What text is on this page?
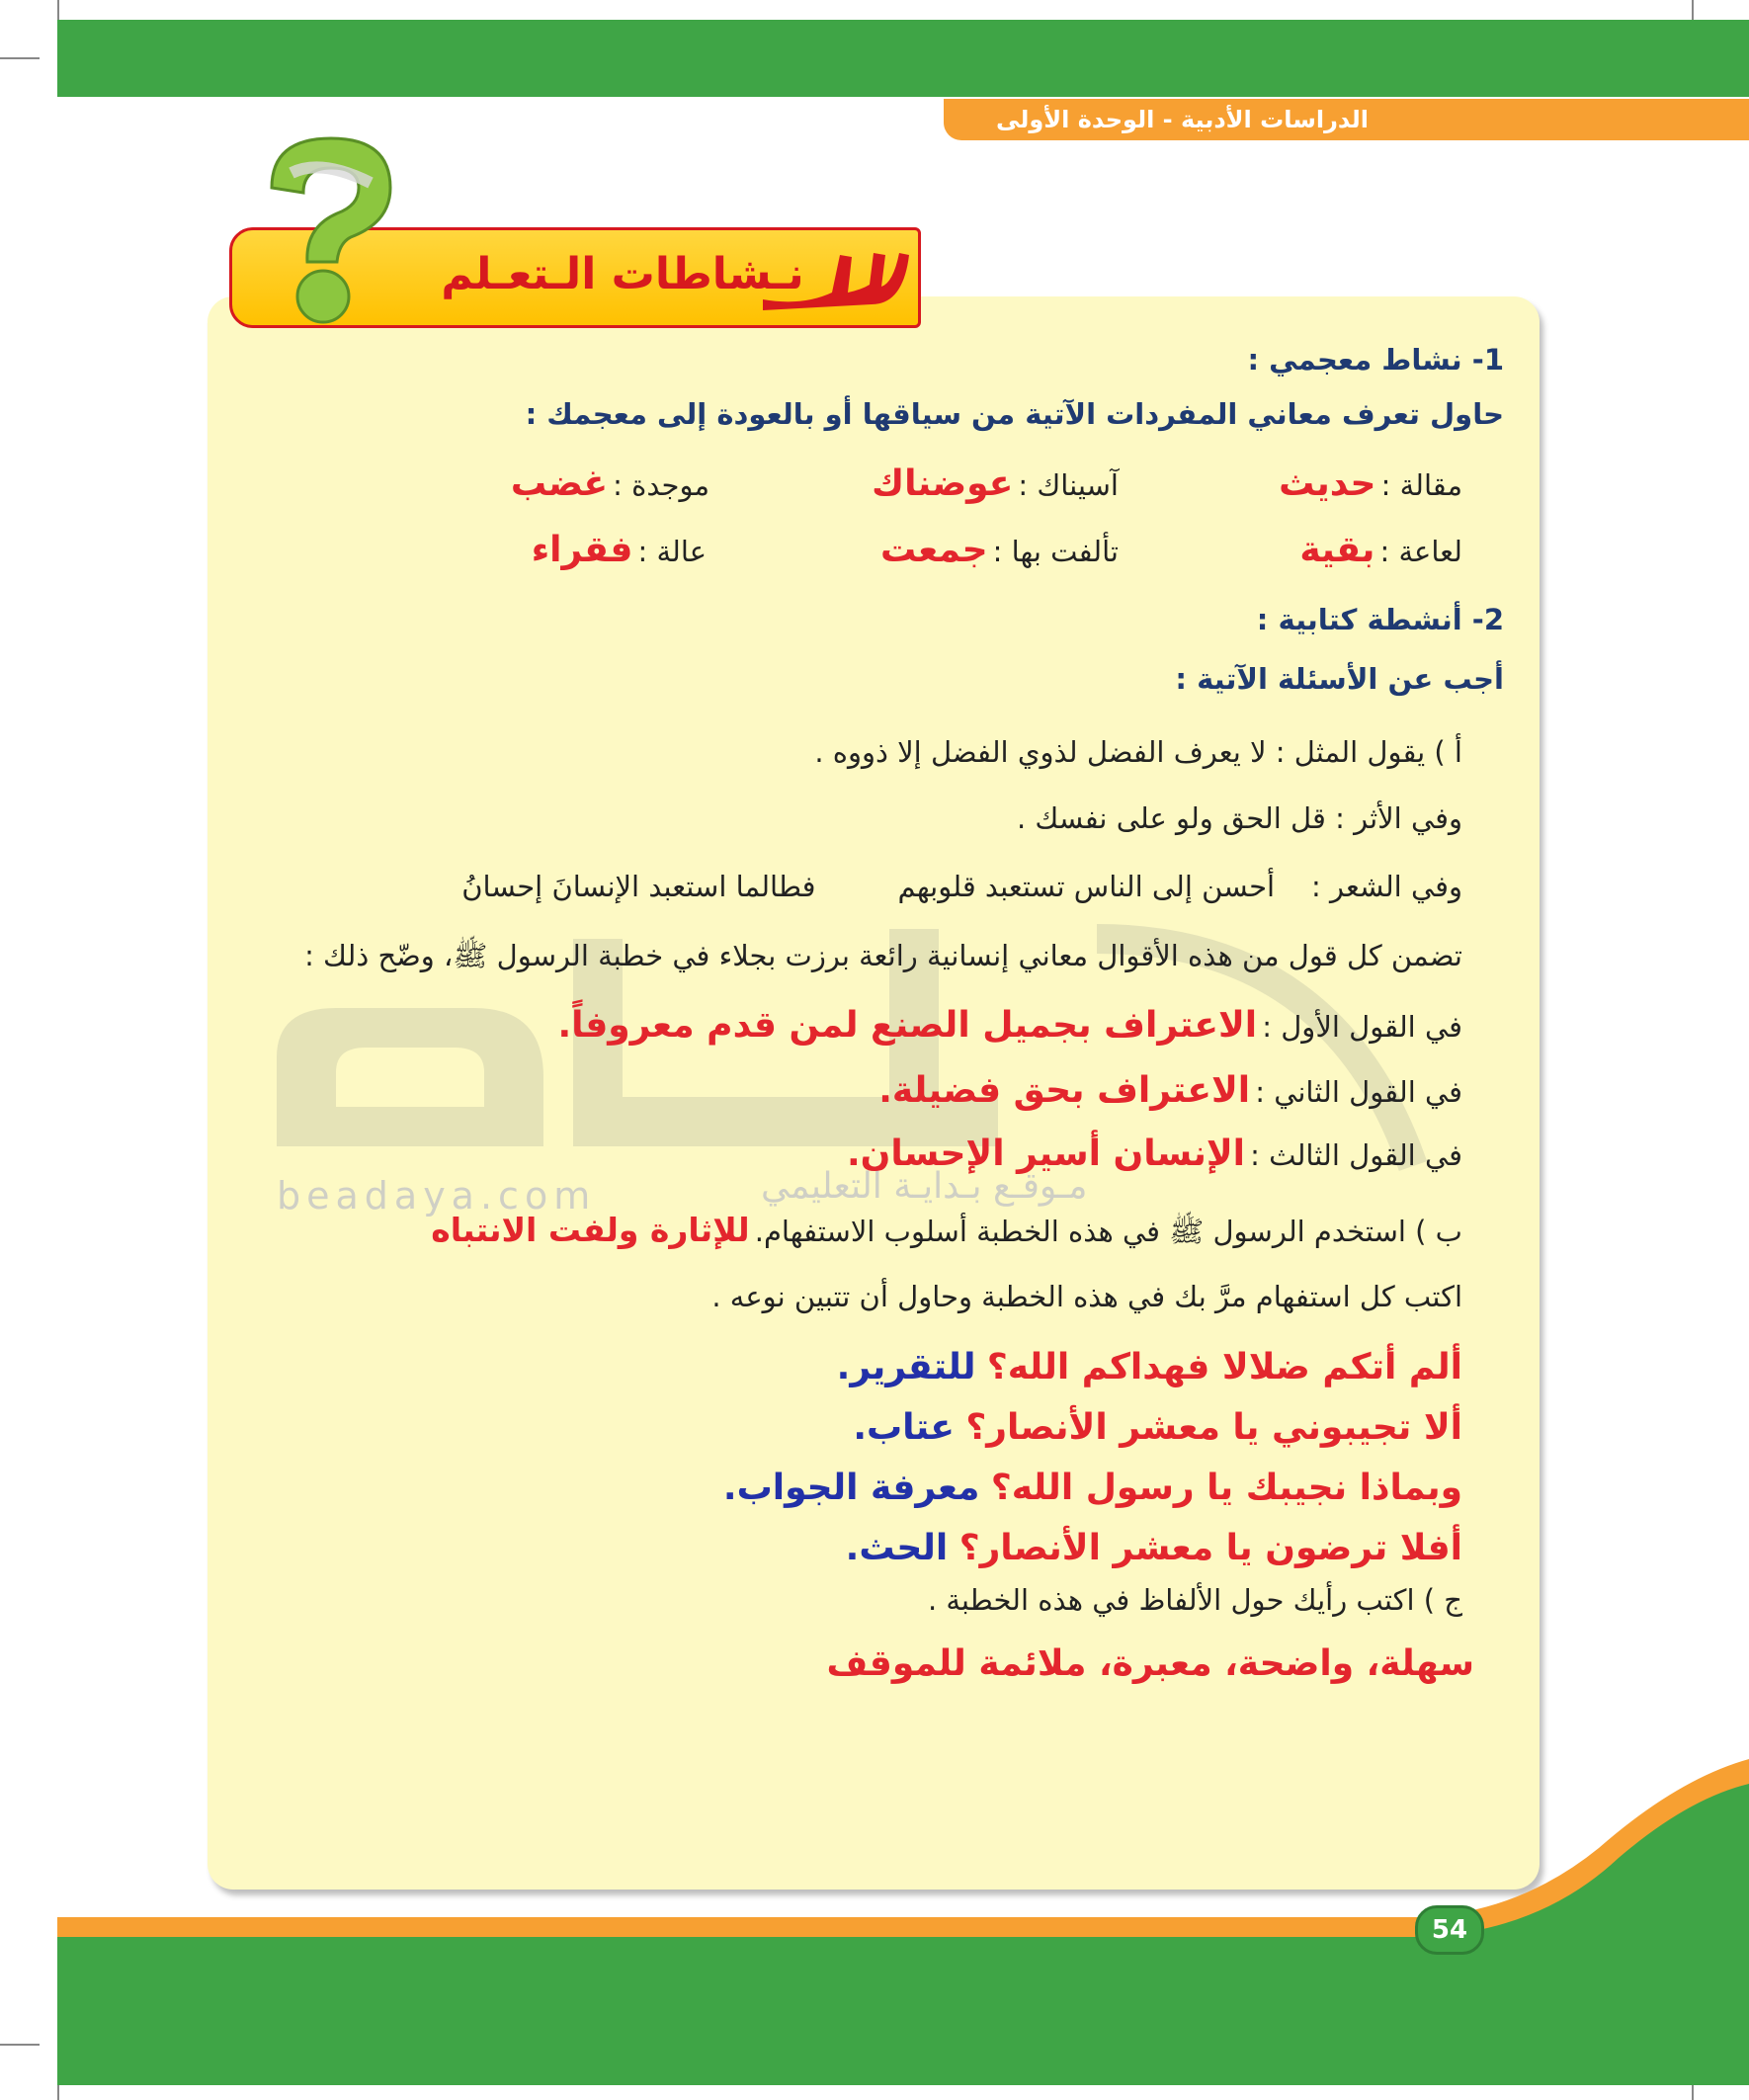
الدراسات الأدبية - الوحدة الأولى
beadaya.com	مـوقـع بـدايـة التعليمي
نـشاطات الـتعـلم
1- نشاط معجمي :
حاول تعرف معاني المفردات الآتية من سياقها أو بالعودة إلى معجمك :
مقالة : حديث
آسيناك : عوضناك
موجدة : غضب
لعاعة : بقية
تألفت بها : جمعت
عالة : فقراء
2- أنشطة كتابية :
أجب عن الأسئلة الآتية :
أ ) يقول المثل : لا يعرف الفضل لذوي الفضل إلا ذووه .
وفي الأثر : قل الحق ولو على نفسك .
وفي الشعر :    أحسن إلى الناس تستعبد قلوبهم         فطالما استعبد الإنسانَ إحسانُ
تضمن كل قول من هذه الأقوال معاني إنسانية رائعة برزت بجلاء في خطبة الرسول ﷺ، وضّح ذلك :
في القول الأول : الاعتراف بجميل الصنع لمن قدم معروفاً.
في القول الثاني : الاعتراف بحق فضيلة.
في القول الثالث : الإنسان أسير الإحسان.
ب ) استخدم الرسول ﷺ في هذه الخطبة أسلوب الاستفهام. للإثارة ولفت الانتباه
اكتب كل استفهام مرَّ بك في هذه الخطبة وحاول أن تتبين نوعه .
ألم أتكم ضلالا فهداكم الله؟ للتقرير.
ألا تجيبوني يا معشر الأنصار؟ عتاب.
وبماذا نجيبك يا رسول الله؟ معرفة الجواب.
أفلا ترضون يا معشر الأنصار؟ الحث.
ج ) اكتب رأيك حول الألفاظ في هذه الخطبة .
سهلة، واضحة، معبرة، ملائمة للموقف
54
